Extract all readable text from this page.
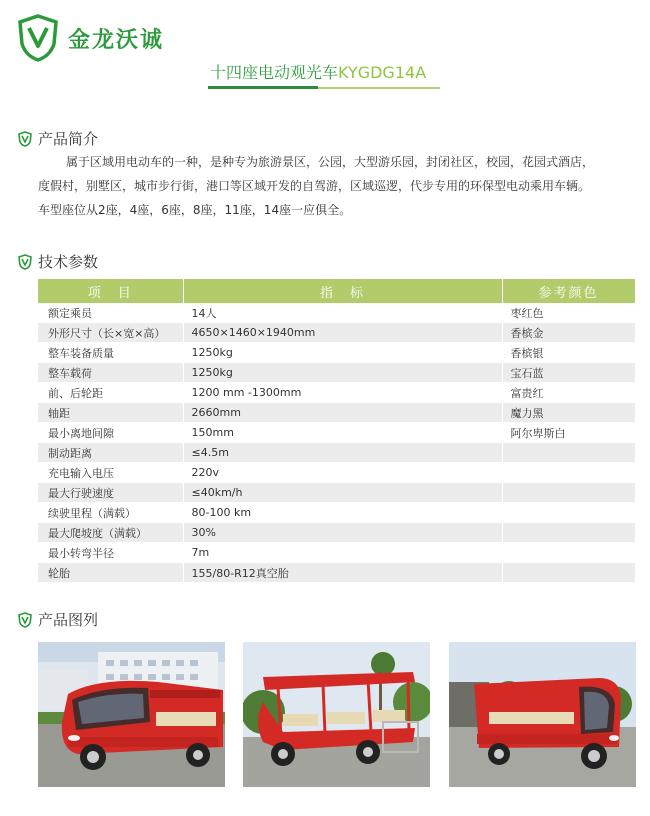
金龙沃诚
十四座电动观光车KYGDG14A
产品简介

属于区域用电动车的一种，是种专为旅游景区，公园，大型游乐园，封闭社区，校园，花园式酒店，

度假村，别墅区，城市步行街，港口等区域开发的自驾游，区域巡逻，代步专用的环保型电动乘用车辆。

车型座位从2座，4座，6座，8座，11座，14座一应俱全。

技术参数
项　目	指　标	参考颜色
额定乘员	14人	枣红色
外形尺寸（长×宽×高）	4650×1460×1940mm	香槟金
整车装备质量	1250kg	香槟银
整车载荷	1250kg	宝石蓝
前、后轮距	1200 mm -1300mm	富贵红
轴距	2660mm	魔力黑
最小离地间隙	150mm	阿尔卑斯白
制动距离	≤4.5m	
充电输入电压	220v	
最大行驶速度	≤40km/h	
续驶里程（满载）	80-100 km	
最大爬坡度（满载）	30%	
最小转弯半径	7m	
轮胎	155/80-R12真空胎	
产品图列
